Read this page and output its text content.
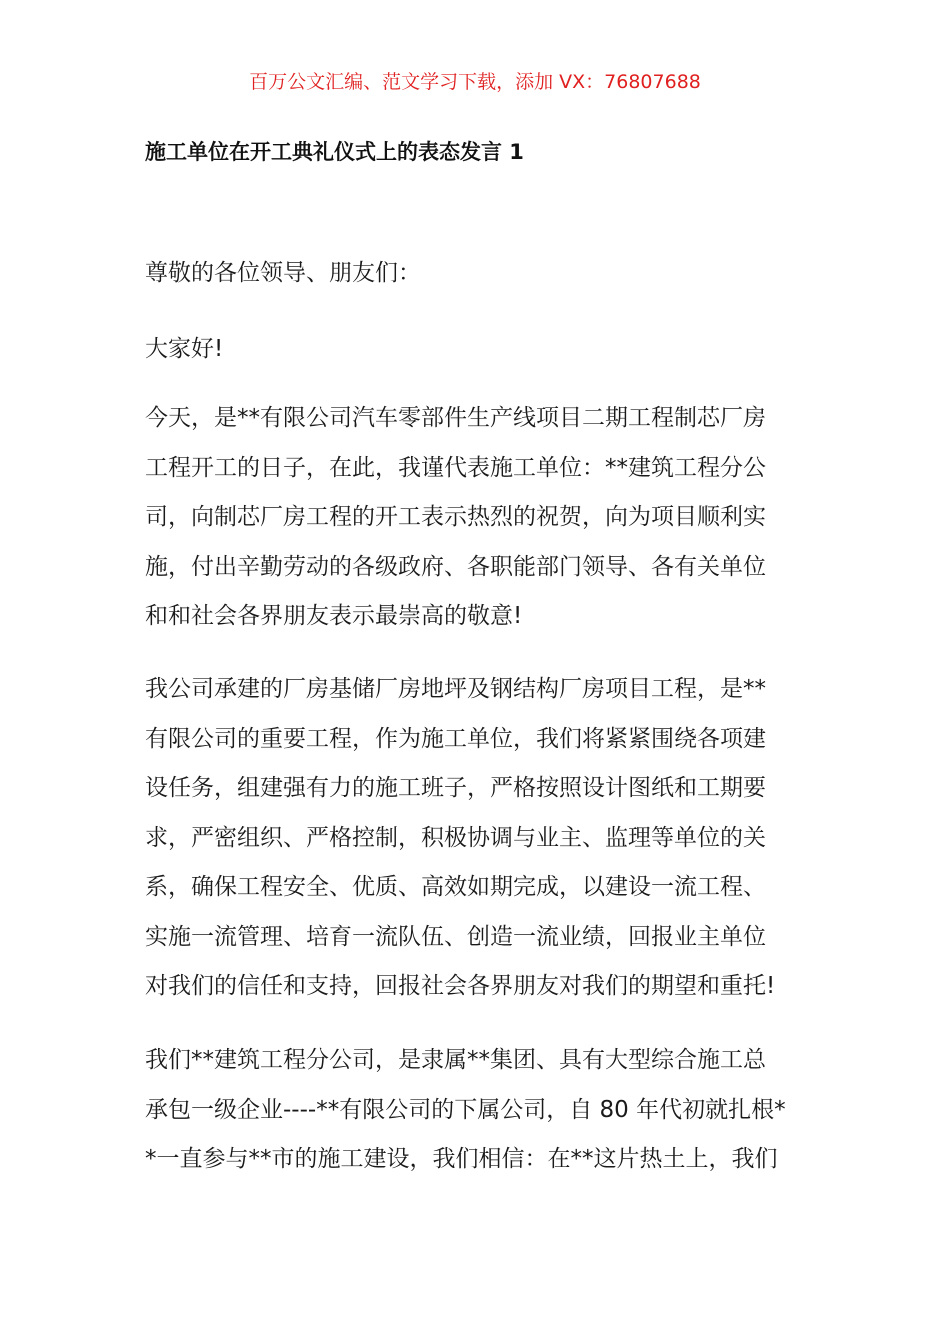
百万公文汇编、范文学习下载，添加 VX：76807688
施工单位在开工典礼仪式上的表态发言 1
尊敬的各位领导、朋友们：
大家好!
今天，是**有限公司汽车零部件生产线项目二期工程制芯厂房
工程开工的日子，在此，我谨代表施工单位：**建筑工程分公
司，向制芯厂房工程的开工表示热烈的祝贺，向为项目顺利实
施，付出辛勤劳动的各级政府、各职能部门领导、各有关单位
和和社会各界朋友表示最崇高的敬意!
我公司承建的厂房基储厂房地坪及钢结构厂房项目工程，是**
有限公司的重要工程，作为施工单位，我们将紧紧围绕各项建
设任务，组建强有力的施工班子，严格按照设计图纸和工期要
求，严密组织、严格控制，积极协调与业主、监理等单位的关
系，确保工程安全、优质、高效如期完成，以建设一流工程、
实施一流管理、培育一流队伍、创造一流业绩，回报业主单位
对我们的信任和支持，回报社会各界朋友对我们的期望和重托!
我们**建筑工程分公司，是隶属**集团、具有大型综合施工总
承包一级企业----**有限公司的下属公司，自 80 年代初就扎根*
*一直参与**市的施工建设，我们相信：在**这片热土上，我们
